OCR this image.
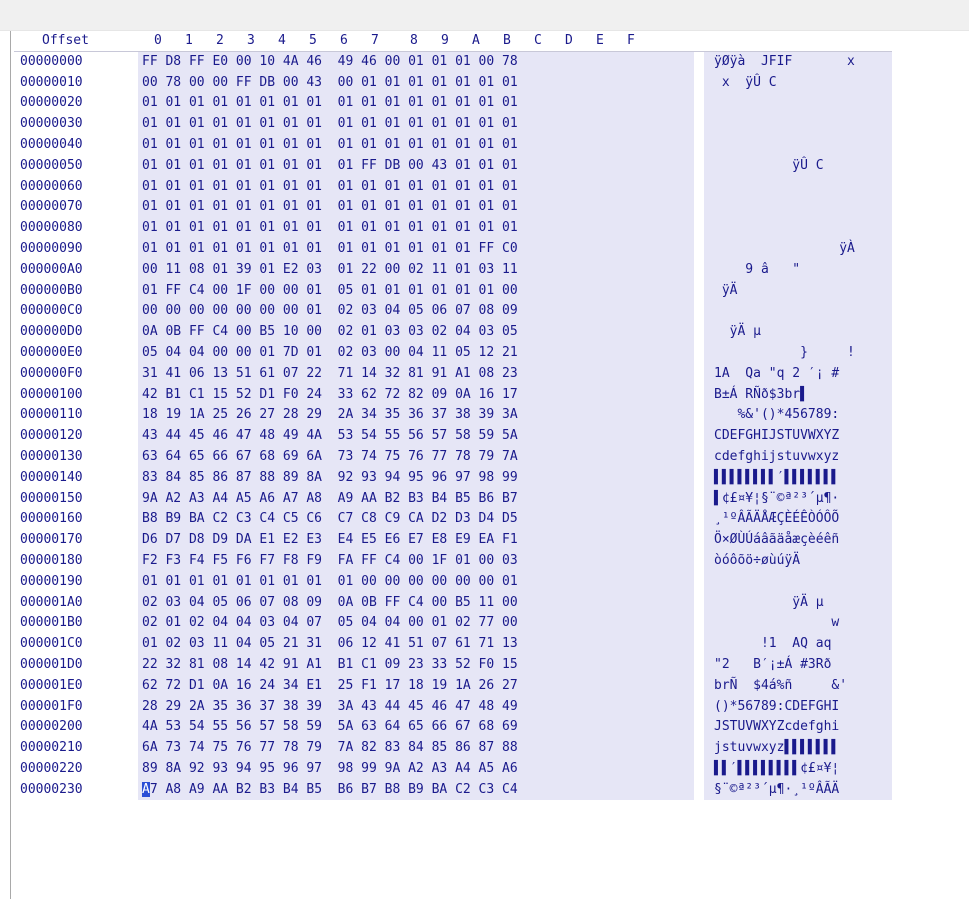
Offset	0 1 2 3 4 5 6 7 8 9 A B C D E F
00000000	FF D8 FF E0 00 10 4A 46  49 46 00 01 01 01 00 78	ÿØÿà  JFIF       x
00000010	00 78 00 00 FF DB 00 43  00 01 01 01 01 01 01 01	x  ÿÛ C
00000020	01 01 01 01 01 01 01 01  01 01 01 01 01 01 01 01
00000030	01 01 01 01 01 01 01 01  01 01 01 01 01 01 01 01
00000040	01 01 01 01 01 01 01 01  01 01 01 01 01 01 01 01
00000050	01 01 01 01 01 01 01 01  01 FF DB 00 43 01 01 01	ÿÛ C
00000060	01 01 01 01 01 01 01 01  01 01 01 01 01 01 01 01
00000070	01 01 01 01 01 01 01 01  01 01 01 01 01 01 01 01
00000080	01 01 01 01 01 01 01 01  01 01 01 01 01 01 01 01
00000090	01 01 01 01 01 01 01 01  01 01 01 01 01 01 FF C0	ÿÀ
000000A0	00 11 08 01 39 01 E2 03  01 22 00 02 11 01 03 11	9 â   "
000000B0	01 FF C4 00 1F 00 00 01  05 01 01 01 01 01 01 00	ÿÄ
000000C0	00 00 00 00 00 00 00 01  02 03 04 05 06 07 08 09
000000D0	0A 0B FF C4 00 B5 10 00  02 01 03 03 02 04 03 05	ÿÄ µ
000000E0	05 04 04 00 00 01 7D 01  02 03 00 04 11 05 12 21	}     !
000000F0	31 41 06 13 51 61 07 22  71 14 32 81 91 A1 08 23	1A  Qa "q 2 ′¡ #
00000100	42 B1 C1 15 52 D1 F0 24  33 62 72 82 09 0A 16 17	B±Á RÑð$3br▌
00000110	18 19 1A 25 26 27 28 29  2A 34 35 36 37 38 39 3A	%&'()*456789:
00000120	43 44 45 46 47 48 49 4A  53 54 55 56 57 58 59 5A	CDEFGHIJSTUVWXYZ
00000130	63 64 65 66 67 68 69 6A  73 74 75 76 77 78 79 7A	cdefghijstuvwxyz
00000140	83 84 85 86 87 88 89 8A  92 93 94 95 96 97 98 99	▌▌▌▌▌▌▌▌′▌▌▌▌▌▌▌
00000150	9A A2 A3 A4 A5 A6 A7 A8  A9 AA B2 B3 B4 B5 B6 B7	▌¢£¤¥¦§¨©ª²³´µ¶·
00000160	B8 B9 BA C2 C3 C4 C5 C6  C7 C8 C9 CA D2 D3 D4 D5	¸¹ºÂÃÄÅÆÇÈÉÊÒÓÔÕ
00000170	D6 D7 D8 D9 DA E1 E2 E3  E4 E5 E6 E7 E8 E9 EA F1	Ö×ØÙÚáâãäåæçèéêñ
00000180	F2 F3 F4 F5 F6 F7 F8 F9  FA FF C4 00 1F 01 00 03	òóôõö÷øùúÿÄ
00000190	01 01 01 01 01 01 01 01  01 00 00 00 00 00 00 01
000001A0	02 03 04 05 06 07 08 09  0A 0B FF C4 00 B5 11 00	ÿÄ µ
000001B0	02 01 02 04 04 03 04 07  05 04 04 00 01 02 77 00	w
000001C0	01 02 03 11 04 05 21 31  06 12 41 51 07 61 71 13	!1  AQ aq
000001D0	22 32 81 08 14 42 91 A1  B1 C1 09 23 33 52 F0 15	"2   B′¡±Á #3Rð
000001E0	62 72 D1 0A 16 24 34 E1  25 F1 17 18 19 1A 26 27	brÑ  $4á%ñ     &'
000001F0	28 29 2A 35 36 37 38 39  3A 43 44 45 46 47 48 49	()*56789:CDEFGHI
00000200	4A 53 54 55 56 57 58 59  5A 63 64 65 66 67 68 69	JSTUVWXYZcdefghi
00000210	6A 73 74 75 76 77 78 79  7A 82 83 84 85 86 87 88	jstuvwxyz▌▌▌▌▌▌▌
00000220	89 8A 92 93 94 95 96 97  98 99 9A A2 A3 A4 A5 A6	▌▌′▌▌▌▌▌▌▌▌¢£¤¥¦
00000230	A7 A8 A9 AA B2 B3 B4 B5  B6 B7 B8 B9 BA C2 C3 C4	§¨©ª²³´µ¶·¸¹ºÂÃÄ
